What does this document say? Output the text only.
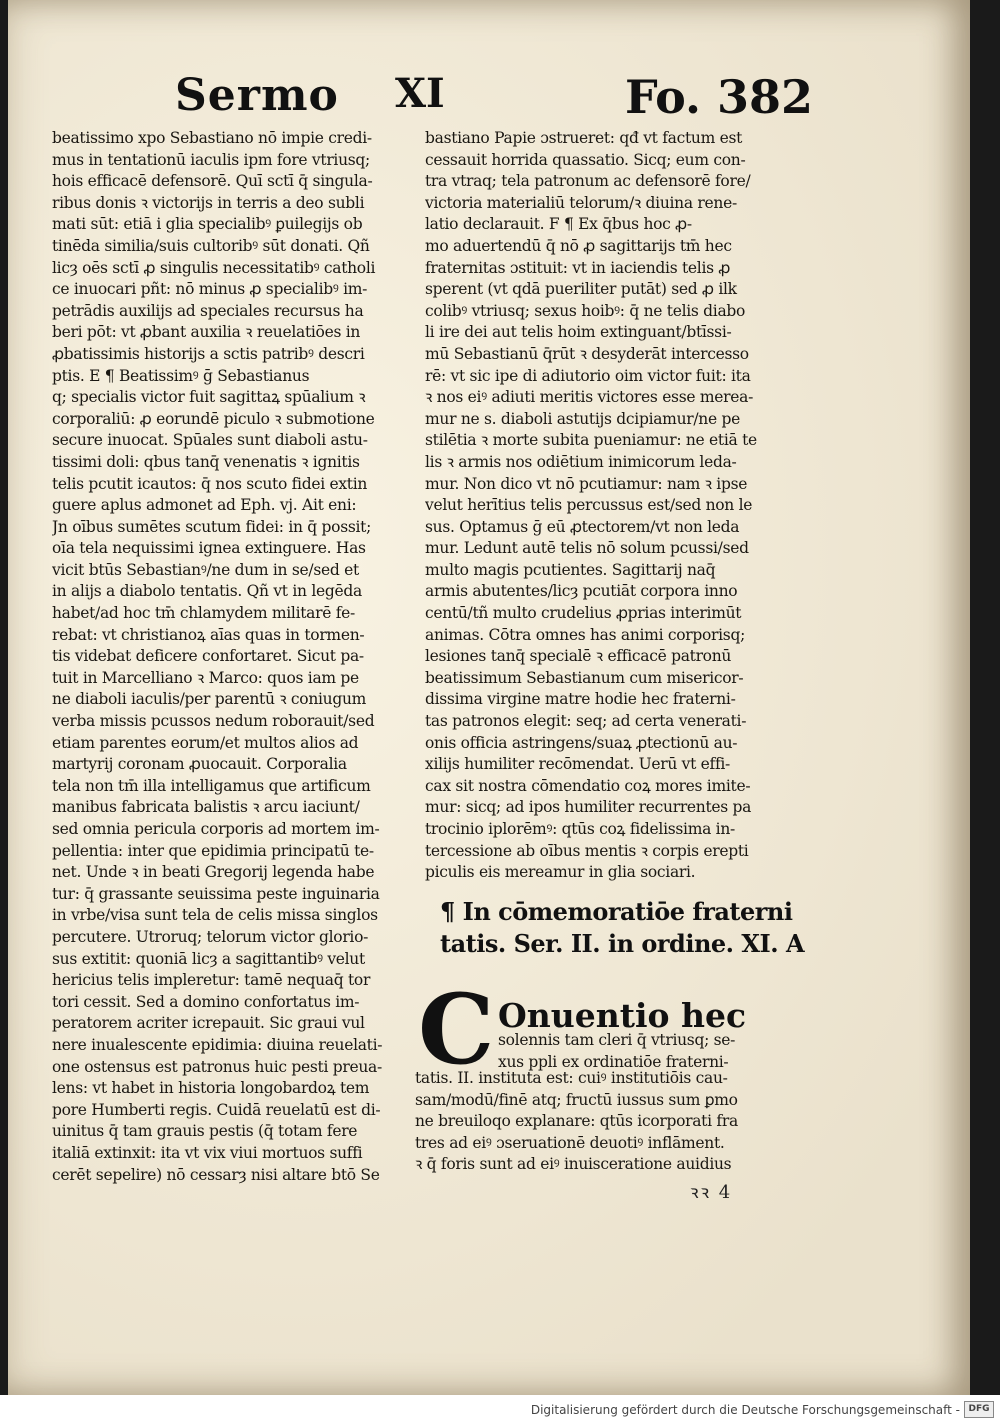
Sermo XI	Fo. 382
beatissimo xpo Sebastiano nō impie credi-
mus in tentationū iaculis ipm fore vtriusq;
hois efficacē defensorē. Quī sctī q̄ singula-
ribus donis ꝛ victorijs in terris a deo subli
mati sūt: etiā i glia specialibꝰ ꝑuilegijs ob
tinēda similia/suis cultoribꝰ sūt donati. Qñ
licȝ oēs sctī ꝓ singulis necessitatibꝰ catholi
ce inuocari pñt: nō minus ꝓ specialibꝰ im-
petrādis auxilijs ad speciales recursus ha
beri pōt: vt ꝓbant auxilia ꝛ reuelatiōes in
ꝓbatissimis historijs a sctis patribꝰ descri
ptis. E ¶ Beatissimꝰ ḡ Sebastianus
q; specialis victor fuit sagittaꝝ spūalium ꝛ
corporaliū: ꝓ eorundē piculo ꝛ submotione
secure inuocat. Spūales sunt diaboli astu-
tissimi doli: qbus tanq̄ venenatis ꝛ ignitis
telis pcutit icautos: q̄ nos scuto fidei extin
guere aplus admonet ad Eph. vj. Ait eni:
Jn oībus sumētes scutum fidei: in q̄ possit;
oīa tela nequissimi ignea extinguere. Has
vicit btūs Sebastianꝰ/ne dum in se/sed et
in alijs a diabolo tentatis. Qñ vt in legēda
habet/ad hoc tm̄ chlamydem militarē fe-
rebat: vt christianoꝝ aīas quas in tormen-
tis videbat deficere confortaret. Sicut pa-
tuit in Marcelliano ꝛ Marco: quos iam pe
ne diaboli iaculis/per parentū ꝛ coniugum
verba missis pcussos nedum roborauit/sed
etiam parentes eorum/et multos alios ad
martyrij coronam ꝓuocauit. Corporalia
tela non tm̄ illa intelligamus que artificum
manibus fabricata balistis ꝛ arcu iaciunt/
sed omnia pericula corporis ad mortem im-
pellentia: inter que epidimia principatū te-
net. Unde ꝛ in beati Gregorij legenda habe
tur: q̄ grassante seuissima peste inguinaria
in vrbe/visa sunt tela de celis missa singlos
percutere. Utroruq; telorum victor glorio-
sus extitit: quoniā licȝ a sagittantibꝰ velut
hericius telis impleretur: tamē nequaq̄ tor
tori cessit. Sed a domino confortatus im-
peratorem acriter icrepauit. Sic graui vul
nere inualescente epidimia: diuina reuelati-
one ostensus est patronus huic pesti preua-
lens: vt habet in historia longobardoꝝ tem
pore Humberti regis. Cuidā reuelatū est di-
uinitus q̄ tam grauis pestis (q̄ totam fere
italiā extinxit: ita vt vix viui mortuos suffi
cerēt sepelire) nō cessarȝ nisi altare btō Se
bastiano Papie ɔstrueret: qđ vt factum est
cessauit horrida quassatio. Sicq; eum con-
tra vtraq; tela patronum ac defensorē fore/
victoria materialiū telorum/ꝛ diuina rene-
latio declarauit. F ¶ Ex q̄bus hoc ꝓ-
mo aduertendū q̄ nō ꝓ sagittarijs tm̄ hec
fraternitas ɔstituit: vt in iaciendis telis ꝓ
sperent (vt qdā pueriliter putāt) sed ꝓ ilk
colibꝰ vtriusq; sexus hoibꝰ: q̄ ne telis diabo
li ire dei aut telis hoim extinguant/btīssi-
mū Sebastianū q̄rūt ꝛ desyderāt intercesso
rē: vt sic ipe di adiutorio oim victor fuit: ita
ꝛ nos eiꝰ adiuti meritis victores esse merea-
mur ne s. diaboli astutijs dcipiamur/ne pe
stilētia ꝛ morte subita pueniamur: ne etiā te
lis ꝛ armis nos odiētium inimicorum leda-
mur. Non dico vt nō pcutiamur: nam ꝛ ipse
velut herītius telis percussus est/sed non le
sus. Optamus ḡ eū ꝓtectorem/vt non leda
mur. Ledunt autē telis nō solum pcussi/sed
multo magis pcutientes. Sagittarij naq̄
armis abutentes/licȝ pcutiāt corpora inno
centū/tñ multo crudelius ꝓprias interimūt
animas. Cōtra omnes has animi corporisq;
lesiones tanq̄ specialē ꝛ efficacē patronū
beatissimum Sebastianum cum misericor-
dissima virgine matre hodie hec fraterni-
tas patronos elegit: seq; ad certa venerati-
onis officia astringens/suaꝝ ꝓtectionū au-
xilijs humiliter recōmendat. Uerū vt effi-
cax sit nostra cōmendatio coꝝ mores imite-
mur: sicq; ad ipos humiliter recurrentes pa
trocinio iplorēmꝰ: qtūs coꝝ fidelissima in-
tercessione ab oībus mentis ꝛ corpis erepti
piculis eis mereamur in glia sociari.
¶ In cōmemoratiōe fraterni
tatis. Ser. II. in ordine. XI. A
C Onuentio hec
solennis tam cleri q̄ vtriusq; se-
xus ppli ex ordinatiōe fraterni-
tatis. II. instituta est: cuiꝰ institutiōis cau-
sam/modū/finē atq; fructū iussus sum ꝑmo
ne breuiloqo explanare: qtūs icorporati fra
tres ad eiꝰ ɔseruationē deuotiꝰ inflāment.
ꝛ q̄ foris sunt ad eiꝰ inuisceratione auidius
ꝛꝛ 4
Digitalisierung gefördert durch die Deutsche Forschungsgemeinschaft - DFG
